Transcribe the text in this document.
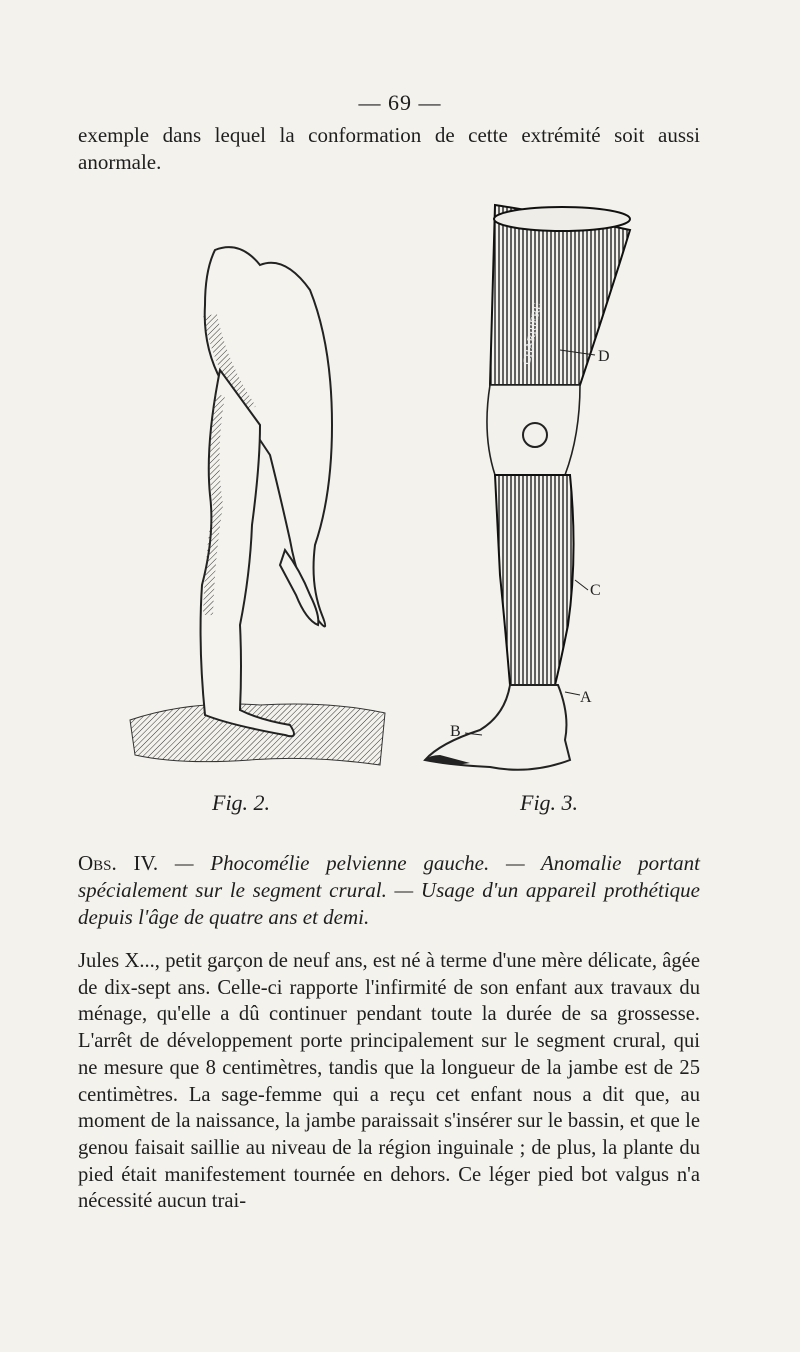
— 69 —

exemple dans lequel la conformation de cette extrémité soit aussi anormale.

CHARRIÈRE	D
C
A
B
Fig. 2.	Fig. 3.

Obs. IV. — Phocomélie pelvienne gauche. — Anomalie portant spécialement sur le segment crural. — Usage d'un appareil prothétique depuis l'âge de quatre ans et demi.

Jules X..., petit garçon de neuf ans, est né à terme d'une mère délicate, âgée de dix-sept ans. Celle-ci rapporte l'infirmité de son enfant aux travaux du ménage, qu'elle a dû continuer pendant toute la durée de sa grossesse. L'arrêt de développement porte principalement sur le segment crural, qui ne mesure que 8 centimètres, tandis que la longueur de la jambe est de 25 centimètres. La sage-femme qui a reçu cet enfant nous a dit que, au moment de la naissance, la jambe paraissait s'insérer sur le bassin, et que le genou faisait saillie au niveau de la région inguinale ; de plus, la plante du pied était manifestement tournée en dehors. Ce léger pied bot valgus n'a nécessité aucun trai-
